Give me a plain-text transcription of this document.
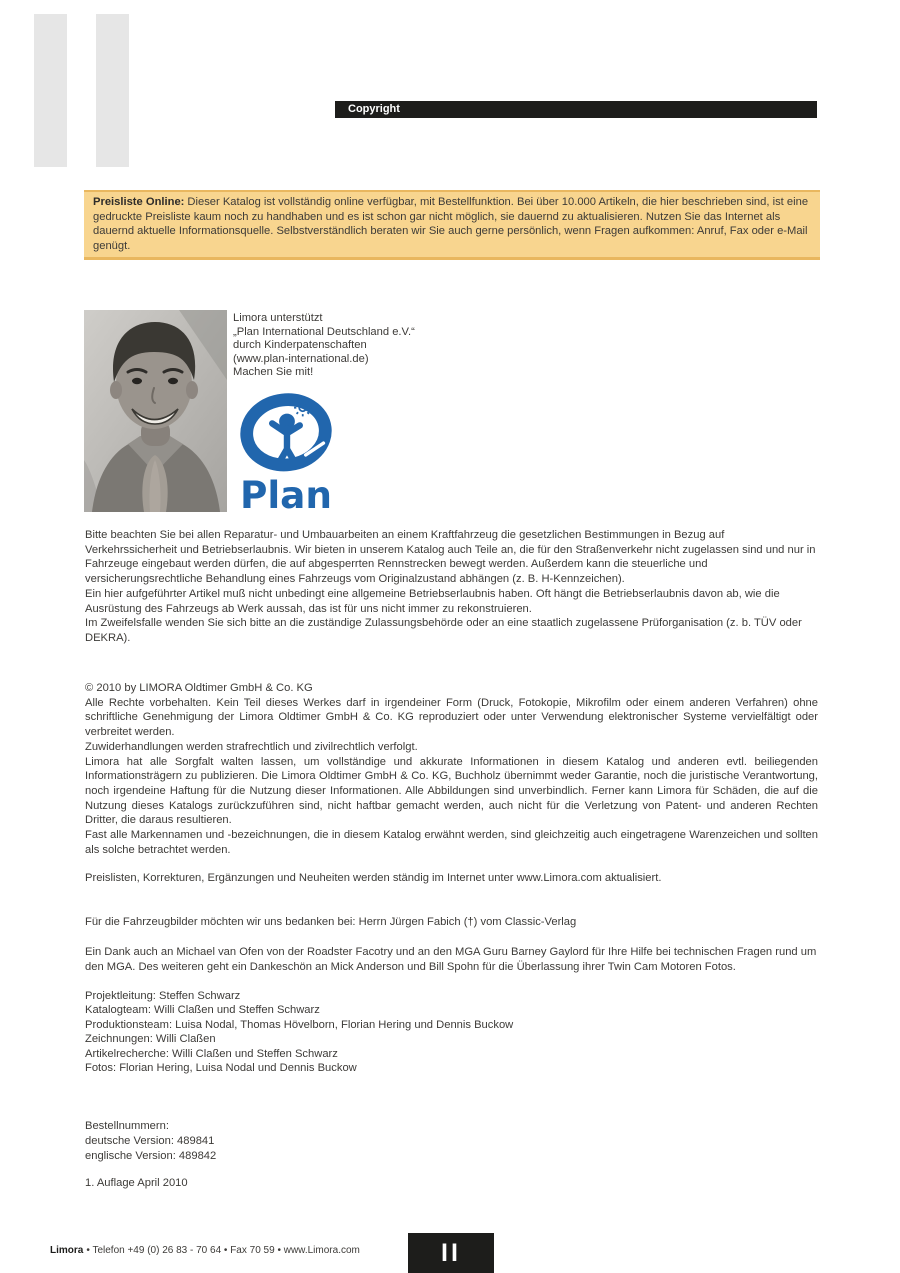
Copyright
Preisliste Online: Dieser Katalog ist vollständig online verfügbar, mit Bestellfunktion. Bei über 10.000 Artikeln, die hier beschrieben sind, ist eine gedruckte Preisliste kaum noch zu handhaben und es ist schon gar nicht möglich, sie dauernd zu aktualisieren. Nutzen Sie das Internet als dauernd aktuelle Informationsquelle. Selbstverständlich beraten wir Sie auch gerne persönlich, wenn Fragen aufkommen: Anruf, Fax oder e-Mail genügt.
Limora unterstützt
„Plan International Deutschland e.V.“
durch Kinderpatenschaften
(www.plan-international.de)
Machen Sie mit!
Plan
Bitte beachten Sie bei allen Reparatur- und Umbauarbeiten an einem Kraftfahrzeug die gesetzlichen Bestimmungen in Bezug auf Verkehrssicherheit und Betriebserlaubnis. Wir bieten in unserem Katalog auch Teile an, die für den Straßenverkehr nicht zugelassen sind und nur in Fahrzeuge eingebaut werden dürfen, die auf abgesperrten Rennstrecken bewegt werden. Außerdem kann die steuerliche und versicherungsrechtliche Behandlung eines Fahrzeugs vom Originalzustand abhängen (z. B. H-Kennzeichen).
Ein hier aufgeführter Artikel muß nicht unbedingt eine allgemeine Betriebserlaubnis haben. Oft hängt die Betriebserlaubnis davon ab, wie die Ausrüstung des Fahrzeugs ab Werk aussah, das ist für uns nicht immer zu rekonstruieren.
Im Zweifelsfalle wenden Sie sich bitte an die zuständige Zulassungsbehörde oder an eine staatlich zugelassene Prüforganisation (z. b. TÜV oder DEKRA).
© 2010 by LIMORA Oldtimer GmbH & Co. KG
Alle Rechte vorbehalten. Kein Teil dieses Werkes darf in irgendeiner Form (Druck, Fotokopie, Mikrofilm oder einem anderen Verfahren) ohne schriftliche Genehmigung der Limora Oldtimer GmbH & Co. KG reproduziert oder unter Verwendung elektronischer Systeme vervielfältigt oder verbreitet werden.
Zuwiderhandlungen werden strafrechtlich und zivilrechtlich verfolgt.
Limora hat alle Sorgfalt walten lassen, um vollständige und akkurate Informationen in diesem Katalog und anderen evtl. beiliegenden Informationsträgern zu publizieren. Die Limora Oldtimer GmbH & Co. KG, Buchholz übernimmt weder Garantie, noch die juristische Verantwortung, noch irgendeine Haftung für die Nutzung dieser Informationen. Alle Abbildungen sind unverbindlich. Ferner kann Limora für Schäden, die auf die Nutzung dieses Katalogs zurückzuführen sind, nicht haftbar gemacht werden, auch nicht für die Verletzung von Patent- und anderen Rechten Dritter, die daraus resultieren.
Fast alle Markennamen und -bezeichnungen, die in diesem Katalog erwähnt werden, sind gleichzeitig auch eingetragene Warenzeichen und sollten als solche betrachtet werden.
Preislisten, Korrekturen, Ergänzungen und Neuheiten werden ständig im Internet unter www.Limora.com aktualisiert.
Für die Fahrzeugbilder möchten wir uns bedanken bei: Herrn Jürgen Fabich (†) vom Classic-Verlag
Ein Dank auch an Michael van Ofen von der Roadster Facotry und an den MGA Guru Barney Gaylord für Ihre Hilfe bei technischen Fragen rund um den MGA. Des weiteren geht ein Dankeschön an Mick Anderson und Bill Spohn für die Überlassung ihrer Twin Cam Motoren Fotos.
Projektleitung: Steffen Schwarz
Katalogteam: Willi Claßen und Steffen Schwarz
Produktionsteam: Luisa Nodal, Thomas Hövelborn, Florian Hering und Dennis Buckow
Zeichnungen: Willi Claßen
Artikelrecherche: Willi Claßen und Steffen Schwarz
Fotos: Florian Hering, Luisa Nodal und Dennis Buckow
Bestellnummern:
deutsche Version: 489841
englische Version: 489842
1. Auflage April 2010
Limora • Telefon +49 (0) 26 83 - 70 64 • Fax 70 59 • www.Limora.com	II
